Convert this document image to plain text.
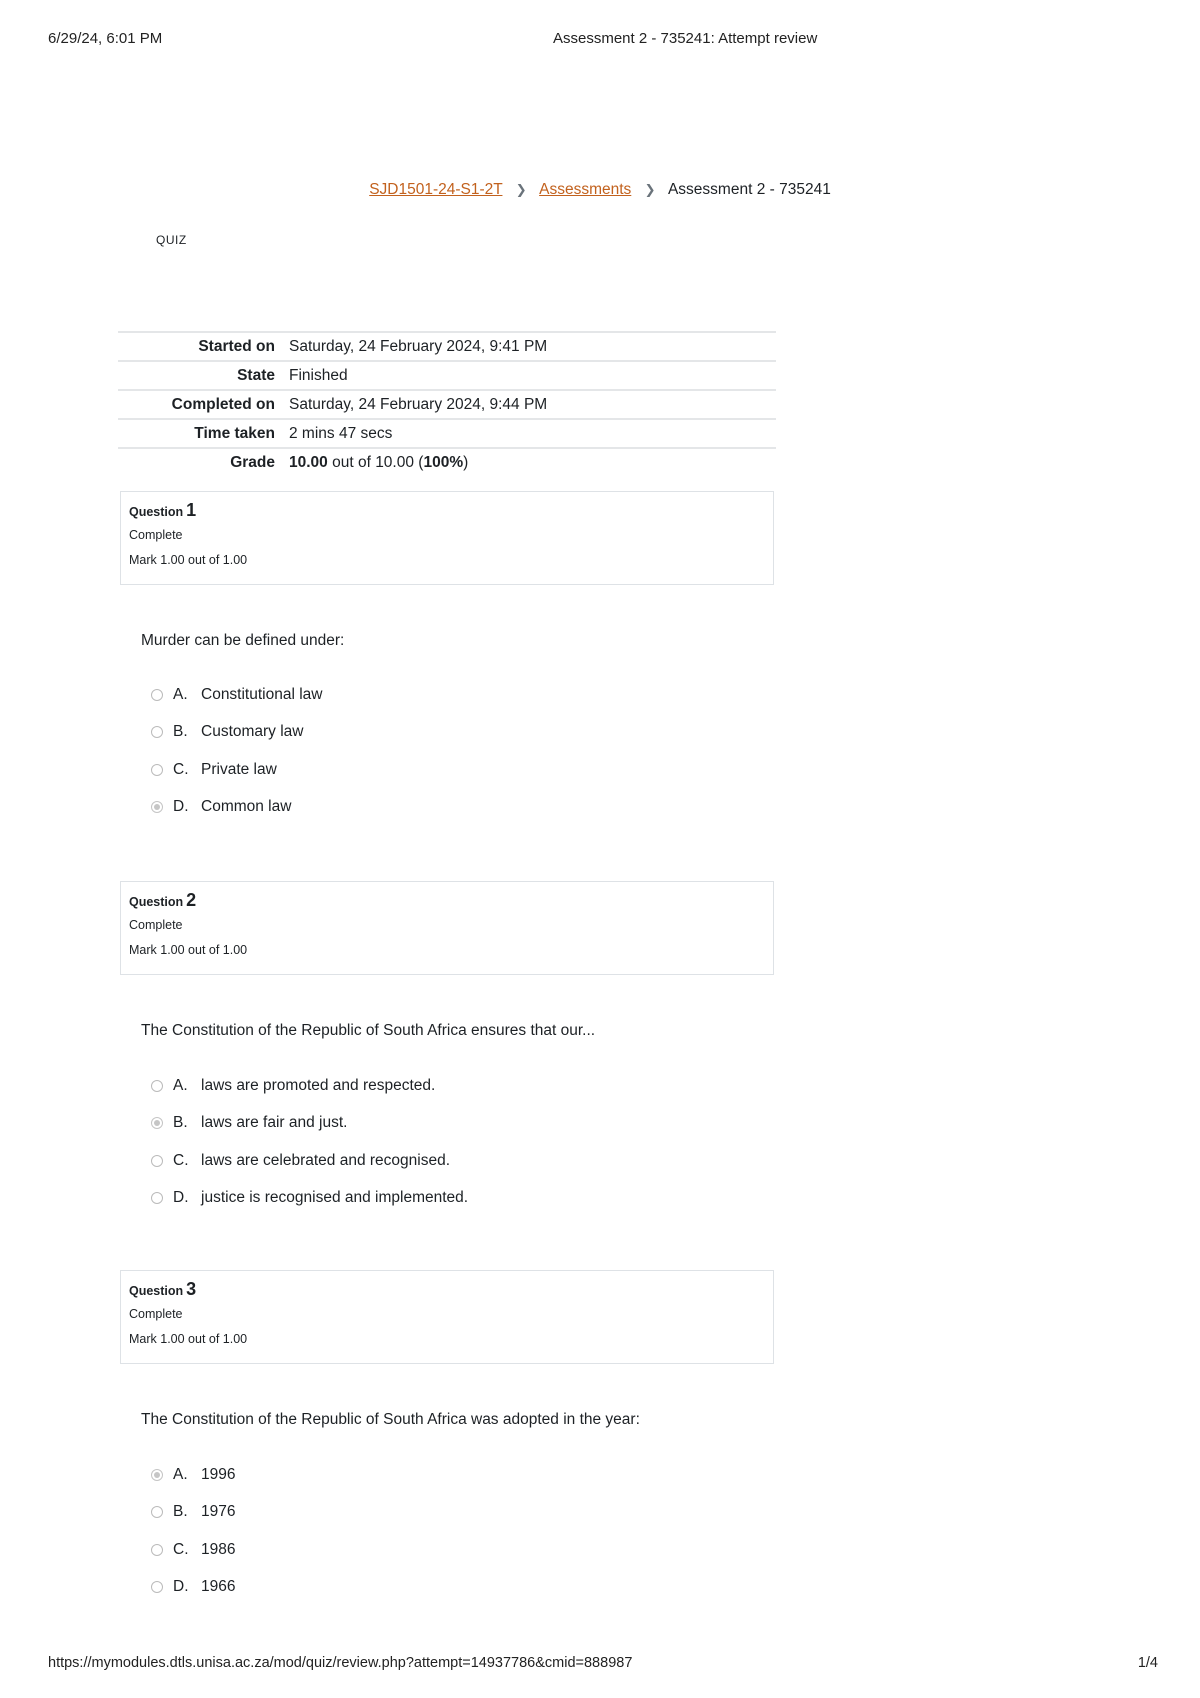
6/29/24, 6:01 PM	Assessment 2 - 735241: Attempt review
SJD1501-24-S1-2T ❯ Assessments ❯ Assessment 2 - 735241
QUIZ
Started on	Saturday, 24 February 2024, 9:41 PM
State	Finished
Completed on	Saturday, 24 February 2024, 9:44 PM
Time taken	2 mins 47 secs
Grade	10.00 out of 10.00 (100%)
Question 1
Complete
Mark 1.00 out of 1.00
Murder can be defined under:
A. Constitutional law
B. Customary law
C. Private law
D. Common law
Question 2
Complete
Mark 1.00 out of 1.00
The Constitution of the Republic of South Africa ensures that our...
A. laws are promoted and respected.
B. laws are fair and just.
C. laws are celebrated and recognised.
D. justice is recognised and implemented.
Question 3
Complete
Mark 1.00 out of 1.00
The Constitution of the Republic of South Africa was adopted in the year:
A. 1996
B. 1976
C. 1986
D. 1966
https://mymodules.dtls.unisa.ac.za/mod/quiz/review.php?attempt=14937786&cmid=888987	1/4
